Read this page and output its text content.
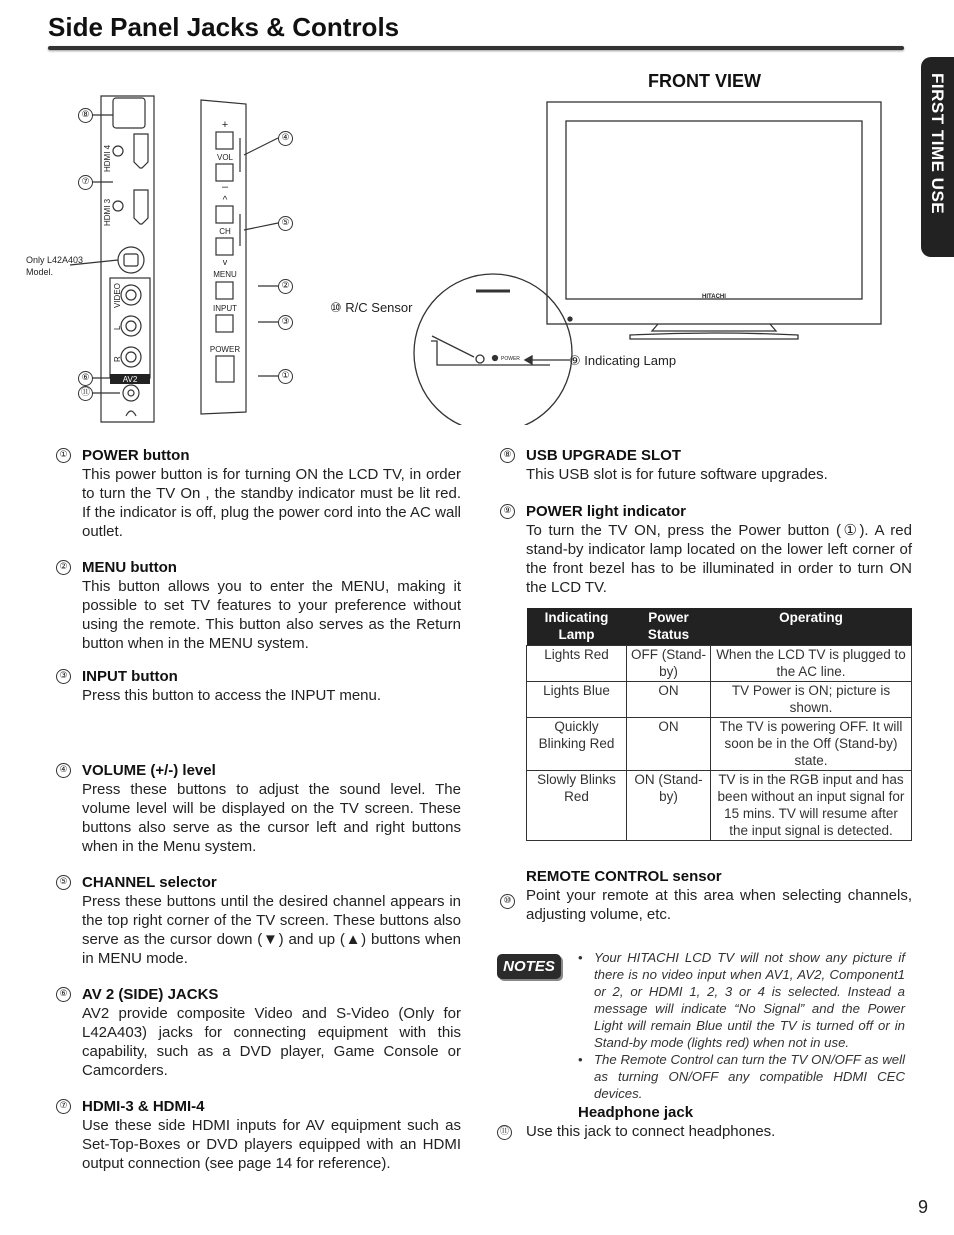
Side Panel Jacks & Controls
FIRST TIME USE
AV2
HDMI 4
HDMI 3
VIDEO
L
R
+
VOL
–
^
CH
v
MENU
INPUT
POWER
Only L42A403
Model.
⑧
⑦
⑥
⑪
④
⑤
②
③
①
FRONT VIEW
HITACHI
POWER
⑩ R/C Sensor
⑨ Indicating Lamp
① POWER button

This power button is for turning ON the LCD TV, in order to turn the TV On , the standby indicator must be lit red. If the indicator is off, plug the power cord into the AC wall outlet.

② MENU button

This button allows you to enter the MENU, making it possible to set TV features to your preference without using the remote. This button also serves as the Return button when in the MENU system.

③ INPUT button

Press this button to access the INPUT menu.

④ VOLUME (+/-) level

Press these buttons to adjust the sound level. The volume level will be displayed on the TV screen. These buttons also serve as the cursor left and right buttons when in the Menu system.

⑤ CHANNEL selector

Press these buttons until the desired channel appears in the top right corner of the TV screen. These buttons also serve as the cursor down (▼) and up (▲) buttons when in MENU mode.

⑥ AV 2 (SIDE) JACKS

AV2 provide composite Video and S-Video (Only for L42A403) jacks for connecting equipment with this capability, such as a DVD player, Game Console or Camcorders.

⑦ HDMI-3 & HDMI-4

Use these side HDMI inputs for AV equipment such as Set-Top-Boxes or DVD players equipped with an HDMI output connection (see page 14 for reference).

⑧ USB UPGRADE SLOT

This USB slot is for future software upgrades.

⑨ POWER light indicator

To turn the TV ON, press the Power button (①). A red stand-by indicator lamp located on the lower left corner of the front bezel has to be illuminated in order to turn ON the LCD TV.

Indicating Lamp	Power Status	Operating
Lights Red	OFF (Stand-by)	When the LCD TV is plugged to the AC line.
Lights Blue	ON	TV Power is ON; picture is shown.
Quickly Blinking Red	ON	The TV is powering OFF. It will soon be in the Off (Stand-by) state.
Slowly Blinks Red	ON (Stand-by)	TV is in the RGB input and has been without an input signal for 15 mins. TV will resume after the input signal is detected.
⑩
REMOTE CONTROL sensor

Point your remote at this area when selecting channels, adjusting volume, etc.

NOTES
• Your HITACHI LCD TV will not show any picture if there is no video input when AV1, AV2, Component1 or 2, or HDMI 1, 2, 3 or 4 is selected. Instead a message will indicate “No Signal” and the Power Light will remain Blue until the TV is turned off or in Stand-by mode (lights red) when not in use.
• The Remote Control can turn the TV ON/OFF as well as turning ON/OFF any compatible HDMI CEC devices.
Headphone jack
⑪ Use this jack to connect headphones.
9
